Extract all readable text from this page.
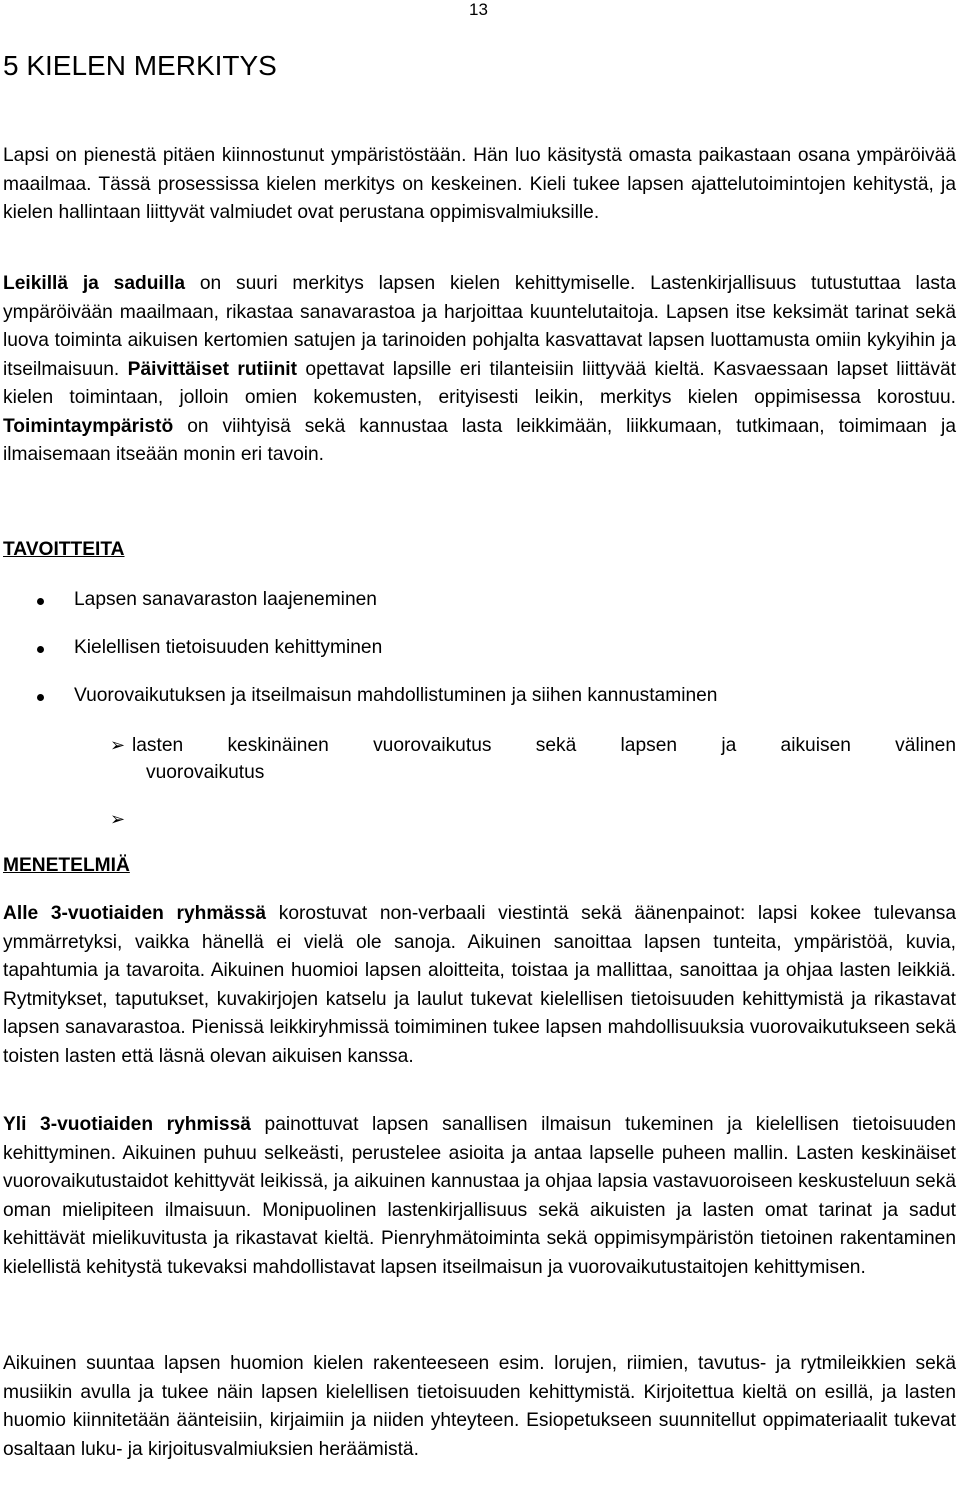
13
5 KIELEN MERKITYS

Lapsi on pienestä pitäen kiinnostunut ympäristöstään. Hän luo käsitystä omasta paikastaan osana ympäröivää maailmaa. Tässä prosessissa kielen merkitys on keskeinen. Kieli tukee lapsen ajattelutoimintojen kehitystä, ja kielen hallintaan liittyvät valmiudet ovat perustana oppimisvalmiuksille.

Leikillä ja saduilla on suuri merkitys lapsen kielen kehittymiselle. Lastenkirjallisuus tutustuttaa lasta ympäröivään maailmaan, rikastaa sanavarastoa ja harjoittaa kuuntelutaitoja. Lapsen itse keksimät tarinat sekä luova toiminta aikuisen kertomien satujen ja tarinoiden pohjalta kasvattavat lapsen luottamusta omiin kykyihin ja itseilmaisuun. Päivittäiset rutiinit opettavat lapsille eri tilanteisiin liittyvää kieltä. Kasvaessaan lapset liittävät kielen toimintaan, jolloin omien kokemusten, erityisesti leikin, merkitys kielen oppimisessa korostuu. Toimintaympäristö on viihtyisä sekä kannustaa lasta leikkimään, liikkumaan, tutkimaan, toimimaan ja ilmaisemaan itseään monin eri tavoin.

TAVOITTEITA
Lapsen sanavaraston laajeneminen
Kielellisen tietoisuuden kehittyminen
Vuorovaikutuksen ja itseilmaisun mahdollistuminen ja siihen kannustaminen
➢ lasten keskinäinen vuorovaikutus sekä lapsen ja aikuisen välinen
vuorovaikutus
➢
MENETELMIÄ

Alle 3-vuotiaiden ryhmässä korostuvat non-verbaali viestintä sekä äänenpainot: lapsi kokee tulevansa ymmärretyksi, vaikka hänellä ei vielä ole sanoja. Aikuinen sanoittaa lapsen tunteita, ympäristöä, kuvia, tapahtumia ja tavaroita. Aikuinen huomioi lapsen aloitteita, toistaa ja mallittaa, sanoittaa ja ohjaa lasten leikkiä. Rytmitykset, taputukset, kuvakirjojen katselu ja laulut tukevat kielellisen tietoisuuden kehittymistä ja rikastavat lapsen sanavarastoa. Pienissä leikkiryhmissä toimiminen tukee lapsen mahdollisuuksia vuorovaikutukseen sekä toisten lasten että läsnä olevan aikuisen kanssa.

Yli 3-vuotiaiden ryhmissä painottuvat lapsen sanallisen ilmaisun tukeminen ja kielellisen tietoisuuden kehittyminen. Aikuinen puhuu selkeästi, perustelee asioita ja antaa lapselle puheen mallin. Lasten keskinäiset vuorovaikutustaidot kehittyvät leikissä, ja aikuinen kannustaa ja ohjaa lapsia vastavuoroiseen keskusteluun sekä oman mielipiteen ilmaisuun. Monipuolinen lastenkirjallisuus sekä aikuisten ja lasten omat tarinat ja sadut kehittävät mielikuvitusta ja rikastavat kieltä. Pienryhmätoiminta sekä oppimisympäristön tietoinen rakentaminen kielellistä kehitystä tukevaksi mahdollistavat lapsen itseilmaisun ja vuorovaikutustaitojen kehittymisen.

Aikuinen suuntaa lapsen huomion kielen rakenteeseen esim. lorujen, riimien, tavutus- ja rytmileikkien sekä musiikin avulla ja tukee näin lapsen kielellisen tietoisuuden kehittymistä. Kirjoitettua kieltä on esillä, ja lasten huomio kiinnitetään äänteisiin, kirjaimiin ja niiden yhteyteen. Esiopetukseen suunnitellut oppimateriaalit tukevat osaltaan luku- ja kirjoitusvalmiuksien heräämistä.
